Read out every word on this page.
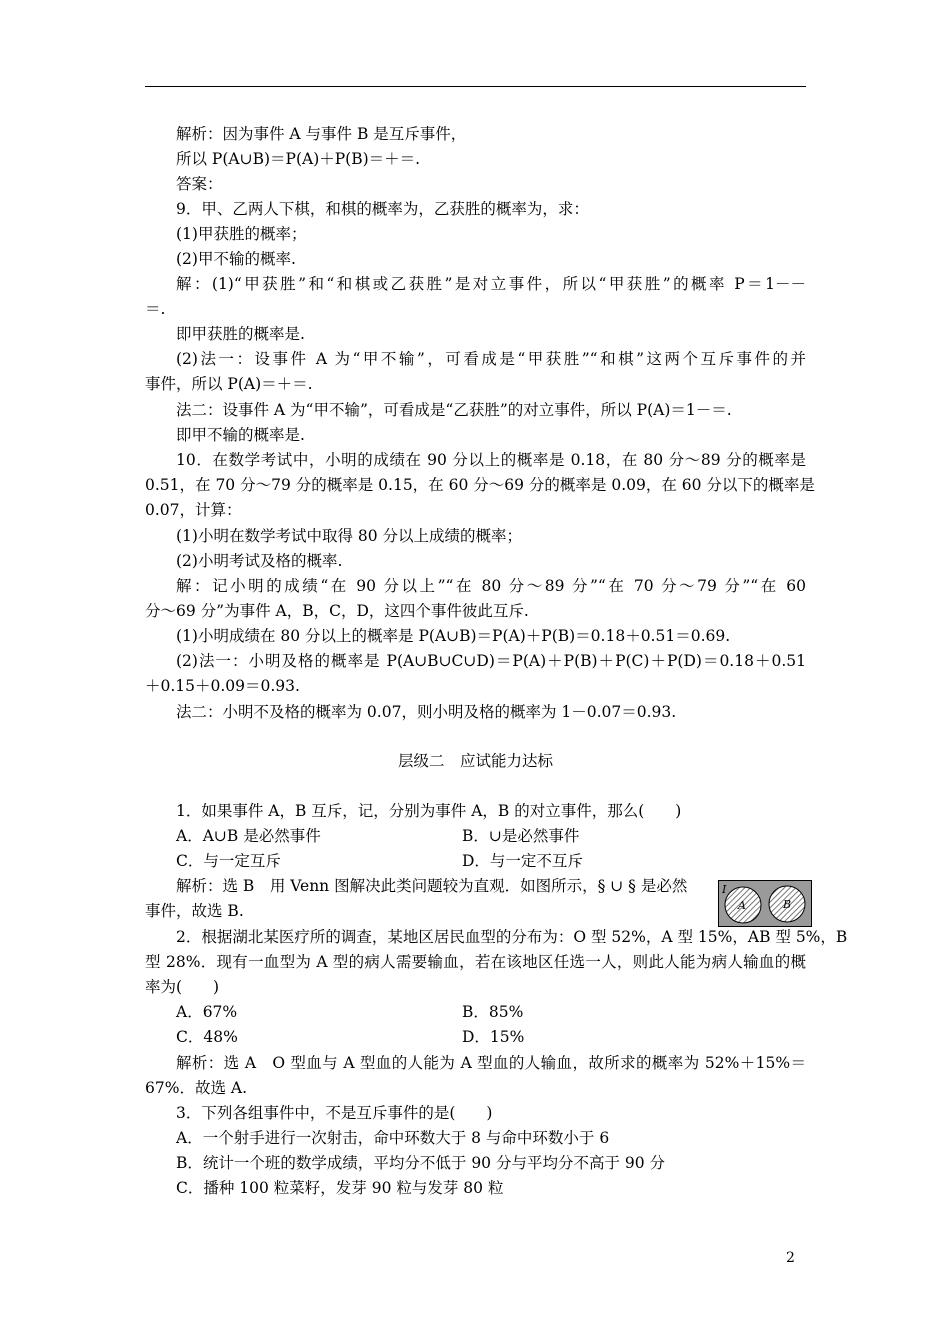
解析：因为事件 A 与事件 B 是互斥事件，
所以 P(A∪B)＝P(A)＋P(B)＝＋＝.
答案：
9．甲、乙两人下棋，和棋的概率为，乙获胜的概率为，求：
(1)甲获胜的概率；
(2)甲不输的概率.
解：(1)“甲获胜”和“和棋或乙获胜”是对立事件，所以“甲获胜”的概率 P＝1－－
＝.
即甲获胜的概率是.
(2)法一：设事件 A 为“甲不输”，可看成是“甲获胜”“和棋”这两个互斥事件的并
事件，所以 P(A)＝＋＝.
法二：设事件 A 为“甲不输”，可看成是“乙获胜”的对立事件，所以 P(A)＝1－＝.
即甲不输的概率是.
10．在数学考试中，小明的成绩在 90 分以上的概率是 0.18，在 80 分～89 分的概率是
0.51，在 70 分～79 分的概率是 0.15，在 60 分～69 分的概率是 0.09，在 60 分以下的概率是
0.07，计算：
(1)小明在数学考试中取得 80 分以上成绩的概率；
(2)小明考试及格的概率.
解：记小明的成绩“在 90 分以上”“在 80 分～89 分”“在 70 分～79 分”“在 60
分～69 分”为事件 A，B，C，D，这四个事件彼此互斥.
(1)小明成绩在 80 分以上的概率是 P(A∪B)＝P(A)＋P(B)＝0.18＋0.51＝0.69.
(2)法一：小明及格的概率是 P(A∪B∪C∪D)＝P(A)＋P(B)＋P(C)＋P(D)＝0.18＋0.51
＋0.15＋0.09＝0.93.
法二：小明不及格的概率为 0.07，则小明及格的概率为 1－0.07＝0.93.
层级二　应试能力达标
1．如果事件 A，B 互斥，记，分别为事件 A，B 的对立事件，那么(　　)
A．A∪B 是必然事件	B．∪是必然事件
C．与一定互斥	D．与一定不互斥
解析：选 B　用 Venn 图解决此类问题较为直观．如图所示，§ ∪ § 是必然
事件，故选 B.
I
A	B
2．根据湖北某医疗所的调查，某地区居民血型的分布为：O 型 52%，A 型 15%，AB 型 5%，B
型 28%．现有一血型为 A 型的病人需要输血，若在该地区任选一人，则此人能为病人输血的概
率为(　　)
A．67%	B．85%
C．48%	D．15%
解析：选 A　O 型血与 A 型血的人能为 A 型血的人输血，故所求的概率为 52%＋15%＝
67%．故选 A.
3．下列各组事件中，不是互斥事件的是(　　)
A．一个射手进行一次射击，命中环数大于 8 与命中环数小于 6
B．统计一个班的数学成绩，平均分不低于 90 分与平均分不高于 90 分
C．播种 100 粒菜籽，发芽 90 粒与发芽 80 粒
2
